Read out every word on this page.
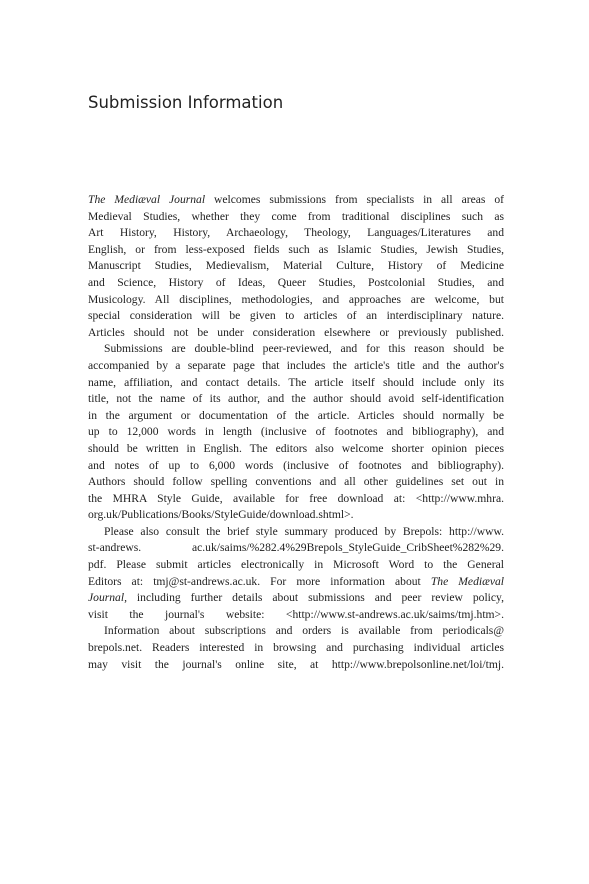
Submission Information

The Mediæval Journal welcomes submissions from specialists in all areas of
Medieval Studies, whether they come from traditional disciplines such as
Art History, History, Archaeology, Theology, Languages/Literatures and
English, or from less-exposed fields such as Islamic Studies, Jewish Studies,
Manuscript Studies, Medievalism, Material Culture, History of Medicine
and Science, History of Ideas, Queer Studies, Postcolonial Studies, and
Musicology. All disciplines, methodologies, and approaches are welcome, but
special consideration will be given to articles of an interdisciplinary nature.
Articles should not be under consideration elsewhere or previously published.

Submissions are double-blind peer-reviewed, and for this reason should be
accompanied by a separate page that includes the article's title and the author's
name, affiliation, and contact details. The article itself should include only its
title, not the name of its author, and the author should avoid self-identification
in the argument or documentation of the article. Articles should normally be
up to 12,000 words in length (inclusive of footnotes and bibliography), and
should be written in English. The editors also welcome shorter opinion pieces
and notes of up to 6,000 words (inclusive of footnotes and bibliography).
Authors should follow spelling conventions and all other guidelines set out in
the MHRA Style Guide, available for free download at: <http://www.mhra.
org.uk/Publications/Books/StyleGuide/download.shtml>.

Please also consult the brief style summary produced by Brepols: http://www.
st-andrews. ac.uk/saims/%282.4%29Brepols_StyleGuide_CribSheet%282%29.
pdf. Please submit articles electronically in Microsoft Word to the General
Editors at: tmj@st-andrews.ac.uk. For more information about The Mediæval
Journal, including further details about submissions and peer review policy,
visit the journal's website: <http://www.st-andrews.ac.uk/saims/tmj.htm>.

Information about subscriptions and orders is available from periodicals@
brepols.net. Readers interested in browsing and purchasing individual articles
may visit the journal's online site, at http://www.brepolsonline.net/loi/tmj.
